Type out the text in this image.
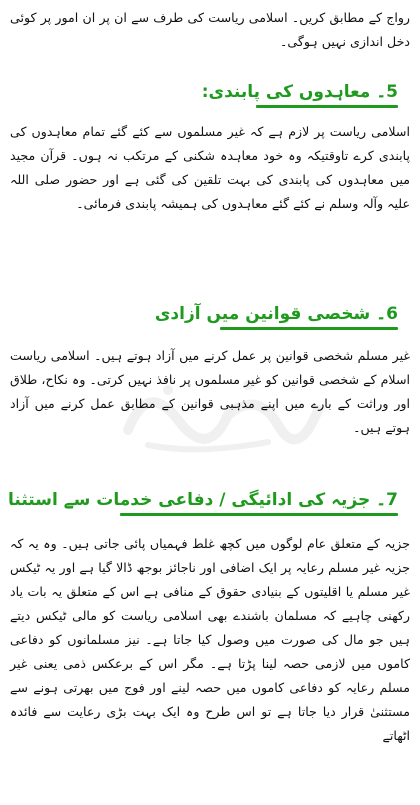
رواج کے مطابق کریں۔ اسلامی ریاست کی طرف سے ان پر ان امور پر کوئی دخل اندازی نہیں ہوگی۔

5۔ معاہدوں کی پابندی:

اسلامی ریاست پر لازم ہے کہ غیر مسلموں سے کئے گئے تمام معاہدوں کی پابندی کرے تاوقتیکہ وہ خود معاہدہ شکنی کے مرتکب نہ ہوں۔ قرآن مجید میں معاہدوں کی پابندی کی بہت تلقین کی گئی ہے اور حضور صلی اللہ علیہ وآلہ وسلم نے کئے گئے معاہدوں کی ہمیشہ پابندی فرمائی۔

6۔ شخصی قوانین میں آزادی

غیر مسلم شخصی قوانین پر عمل کرنے میں آزاد ہوتے ہیں۔ اسلامی ریاست اسلام کے شخصی قوانین کو غیر مسلموں پر نافذ نہیں کرتی۔ وہ نکاح، طلاق اور وراثت کے بارے میں اپنے مذہبی قوانین کے مطابق عمل کرنے میں آزاد ہوتے ہیں۔

7۔ جزیہ کی ادائیگی / دفاعی خدمات سے استثنا

جزیہ کے متعلق عام لوگوں میں کچھ غلط فہمیاں پائی جاتی ہیں۔ وہ یہ کہ جزیہ غیر مسلم رعایہ پر ایک اضافی اور ناجائز بوجھ ڈالا گیا ہے اور یہ ٹیکس غیر مسلم یا اقلیتوں کے بنیادی حقوق کے منافی ہے اس کے متعلق یہ بات یاد رکھنی چاہیے کہ مسلمان باشندے بھی اسلامی ریاست کو مالی ٹیکس دیتے ہیں جو مال کی صورت میں وصول کیا جاتا ہے۔ نیز مسلمانوں کو دفاعی کاموں میں لازمی حصہ لینا پڑتا ہے۔ مگر اس کے برعکس ذمی یعنی غیر مسلم رعایہ کو دفاعی کاموں میں حصہ لینے اور فوج میں بھرتی ہونے سے مستثنیٰ قرار دیا جاتا ہے تو اس طرح وہ ایک بہت بڑی رعایت سے فائدہ اٹھاتے
